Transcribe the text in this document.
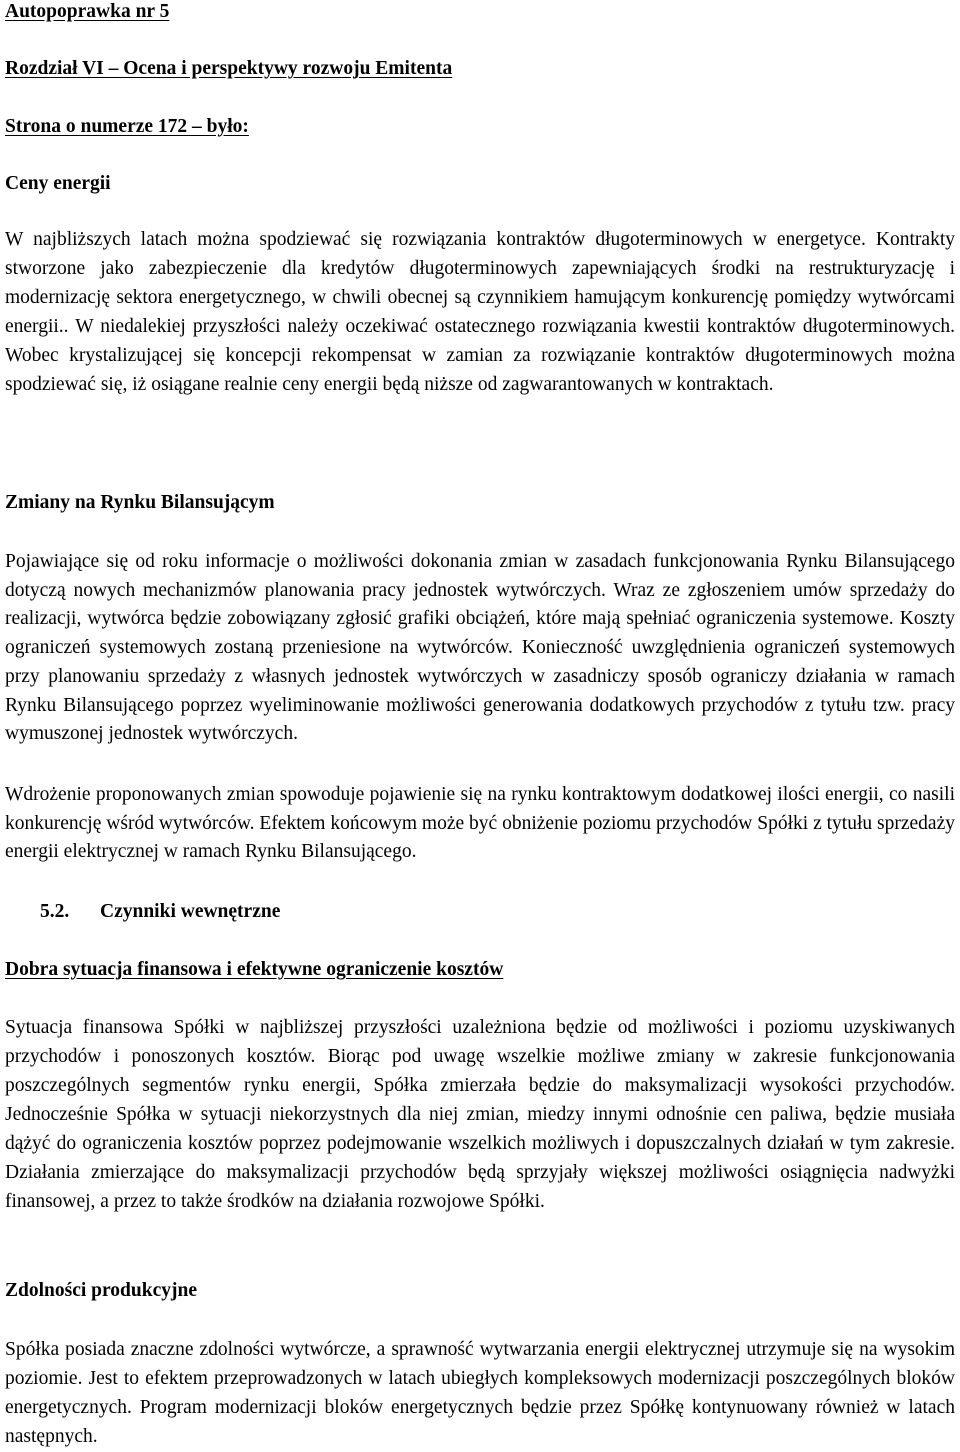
Autopoprawka nr 5
Rozdział VI – Ocena i perspektywy rozwoju Emitenta
Strona o numerze 172 – było:
Ceny energii

W najbliższych latach można spodziewać się rozwiązania kontraktów długoterminowych w energetyce. Kontrakty stworzone jako zabezpieczenie dla kredytów długoterminowych zapewniających środki na restrukturyzację i modernizację sektora energetycznego, w chwili obecnej są czynnikiem hamującym konkurencję pomiędzy wytwórcami energii.. W niedalekiej przyszłości należy oczekiwać ostatecznego rozwiązania kwestii kontraktów długoterminowych. Wobec krystalizującej się koncepcji rekompensat w zamian za rozwiązanie kontraktów długoterminowych można spodziewać się, iż osiągane realnie ceny energii będą niższe od zagwarantowanych w kontraktach.

Zmiany na Rynku Bilansującym

Pojawiające się od roku informacje o możliwości dokonania zmian w zasadach funkcjonowania Rynku Bilansującego dotyczą nowych mechanizmów planowania pracy jednostek wytwórczych. Wraz ze zgłoszeniem umów sprzedaży do realizacji, wytwórca będzie zobowiązany zgłosić grafiki obciążeń, które mają spełniać ograniczenia systemowe. Koszty ograniczeń systemowych zostaną przeniesione na wytwórców. Konieczność uwzględnienia ograniczeń systemowych przy planowaniu sprzedaży z własnych jednostek wytwórczych w zasadniczy sposób ograniczy działania w ramach Rynku Bilansującego poprzez wyeliminowanie możliwości generowania dodatkowych przychodów z tytułu tzw. pracy wymuszonej jednostek wytwórczych.

Wdrożenie proponowanych zmian spowoduje pojawienie się na rynku kontraktowym dodatkowej ilości energii, co nasili konkurencję wśród wytwórców. Efektem końcowym może być obniżenie poziomu przychodów Spółki z tytułu sprzedaży energii elektrycznej w ramach Rynku Bilansującego.

5.2. Czynniki wewnętrzne
Dobra sytuacja finansowa i efektywne ograniczenie kosztów

Sytuacja finansowa Spółki w najbliższej przyszłości uzależniona będzie od możliwości i poziomu uzyskiwanych przychodów i ponoszonych kosztów. Biorąc pod uwagę wszelkie możliwe zmiany w zakresie funkcjonowania poszczególnych segmentów rynku energii, Spółka zmierzała będzie do maksymalizacji wysokości przychodów. Jednocześnie Spółka w sytuacji niekorzystnych dla niej zmian, miedzy innymi odnośnie cen paliwa, będzie musiała dążyć do ograniczenia kosztów poprzez podejmowanie wszelkich możliwych i dopuszczalnych działań w tym zakresie. Działania zmierzające do maksymalizacji przychodów będą sprzyjały większej możliwości osiągnięcia nadwyżki finansowej, a przez to także środków na działania rozwojowe Spółki.

Zdolności produkcyjne

Spółka posiada znaczne zdolności wytwórcze, a sprawność wytwarzania energii elektrycznej utrzymuje się na wysokim poziomie. Jest to efektem przeprowadzonych w latach ubiegłych kompleksowych modernizacji poszczególnych bloków energetycznych. Program modernizacji bloków energetycznych będzie przez Spółkę kontynuowany również w latach następnych.
